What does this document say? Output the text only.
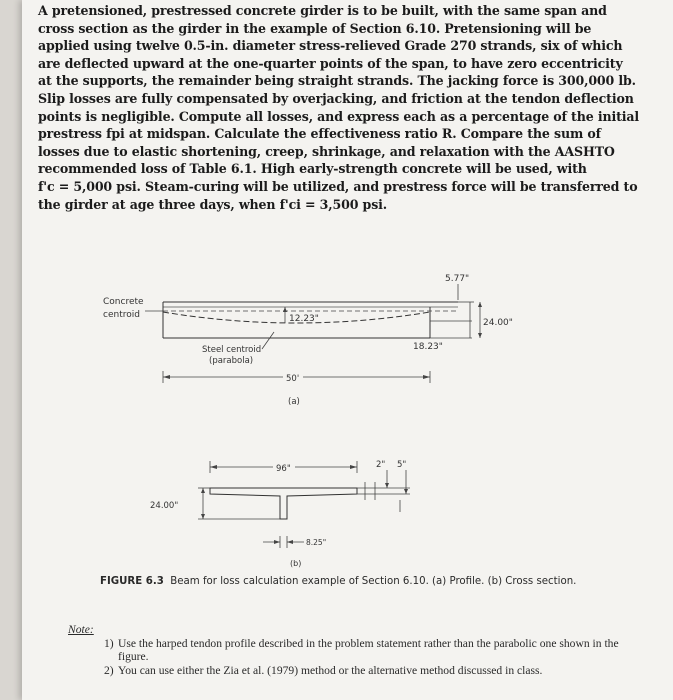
A pretensioned, prestressed concrete girder is to be built, with the same span and
cross section as the girder in the example of Section 6.10. Pretensioning will be
applied using twelve 0.5-in. diameter stress-relieved Grade 270 strands, six of which
are deflected upward at the one-quarter points of the span, to have zero eccentricity
at the supports, the remainder being straight strands. The jacking force is 300,000 lb.
Slip losses are fully compensated by overjacking, and friction at the tendon deflection
points is negligible. Compute all losses, and express each as a percentage of the initial
prestress fpi at midspan. Calculate the effectiveness ratio R. Compare the sum of
losses due to elastic shortening, creep, shrinkage, and relaxation with the AASHTO
recommended loss of Table 6.1. High early-strength concrete will be used, with
f'c = 5,000 psi. Steam-curing will be utilized, and prestress force will be transferred to
the girder at age three days, when f'ci = 3,500 psi.

5.77"
Concrete
centroid	12.23"	24.00"
18.23"
Steel centroid
(parabola)
50'
(a)
96"	2" 5"
24.00"
8.25"
(b)
FIGURE 6.3 Beam for loss calculation example of Section 6.10. (a) Profile. (b) Cross section.
Note:
1) Use the harped tendon profile described in the problem statement rather than the parabolic one shown in the figure.
2) You can use either the Zia et al. (1979) method or the alternative method discussed in class.
